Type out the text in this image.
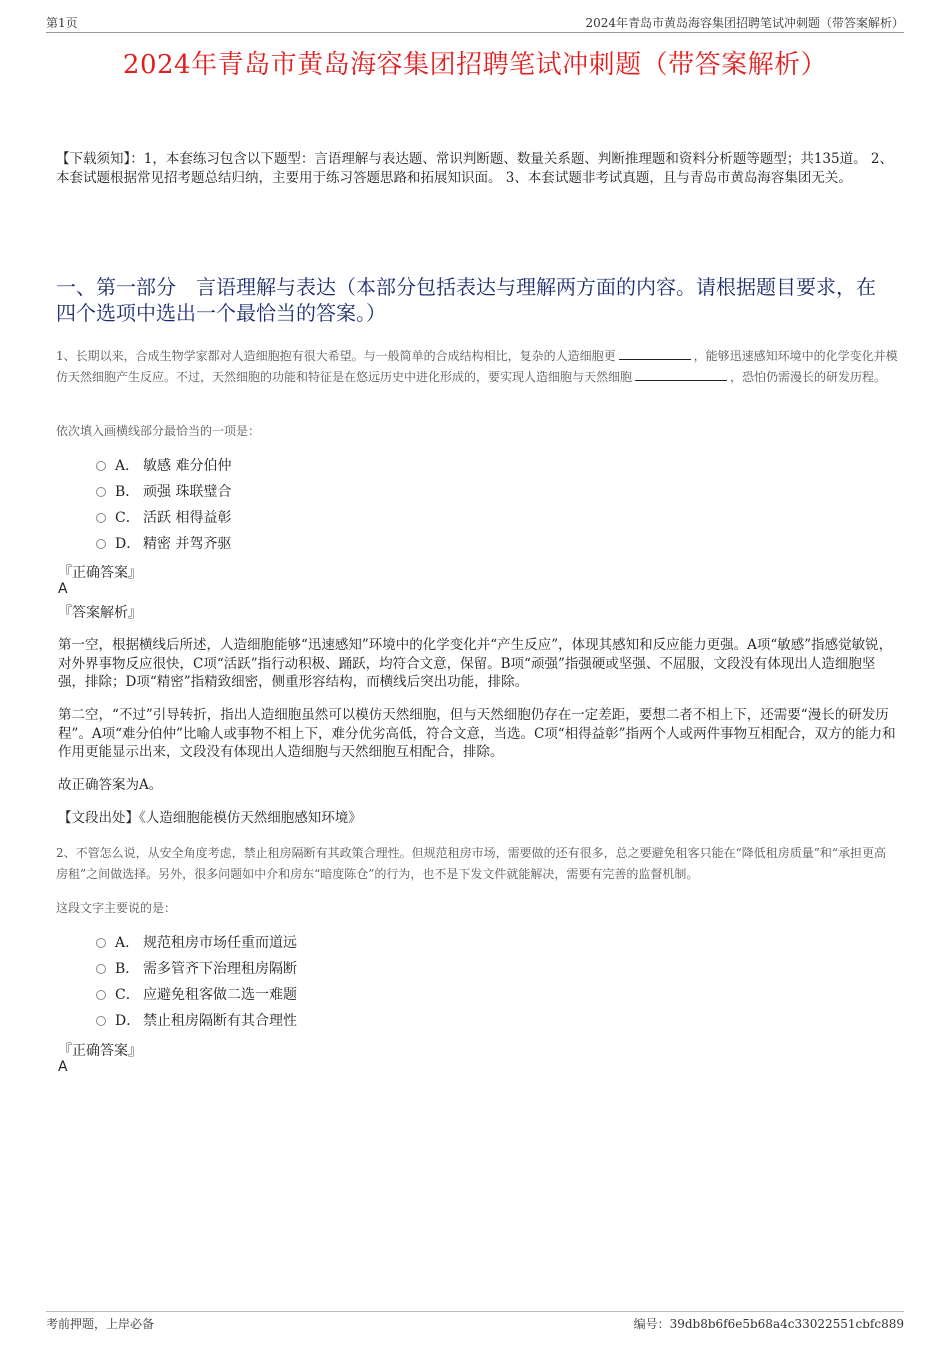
第1页	2024年青岛市黄岛海容集团招聘笔试冲刺题（带答案解析）
2024年青岛市黄岛海容集团招聘笔试冲刺题（带答案解析）
【下载须知】：1，本套练习包含以下题型：言语理解与表达题、常识判断题、数量关系题、判断推理题和资料分析题等题型；共135道。 2、本套试题根据常见招考题总结归纳，主要用于练习答题思路和拓展知识面。 3、本套试题非考试真题，且与青岛市黄岛海容集团无关。
一、第一部分　言语理解与表达（本部分包括表达与理解两方面的内容。请根据题目要求，在四个选项中选出一个最恰当的答案。）
1、长期以来，合成生物学家都对人造细胞抱有很大希望。与一般简单的合成结构相比，复杂的人造细胞更	，能够迅速感知环境中的化学变化并模仿天然细胞产生反应。不过，天然细胞的功能和特征是在悠远历史中进化形成的，要实现人造细胞与天然细胞	，恐怕仍需漫长的研发历程。
依次填入画横线部分最恰当的一项是：
A． 敏感 难分伯仲
B． 顽强 珠联璧合
C． 活跃 相得益彰
D． 精密 并驾齐驱
『正确答案』
A
『答案解析』
第一空，根据横线后所述，人造细胞能够“迅速感知”环境中的化学变化并“产生反应”，体现其感知和反应能力更强。A项“敏感”指感觉敏锐，对外界事物反应很快，C项“活跃”指行动积极、踊跃，均符合文意，保留。B项“顽强”指强硬或坚强、不屈服，文段没有体现出人造细胞坚强，排除；D项“精密”指精致细密，侧重形容结构，而横线后突出功能，排除。
第二空，“不过”引导转折，指出人造细胞虽然可以模仿天然细胞，但与天然细胞仍存在一定差距，要想二者不相上下，还需要“漫长的研发历程”。A项“难分伯仲”比喻人或事物不相上下，难分优劣高低，符合文意，当选。C项“相得益彰”指两个人或两件事物互相配合，双方的能力和作用更能显示出来，文段没有体现出人造细胞与天然细胞互相配合，排除。
故正确答案为A。
【文段出处】《人造细胞能模仿天然细胞感知环境》
2、不管怎么说，从安全角度考虑，禁止租房隔断有其政策合理性。但规范租房市场，需要做的还有很多，总之要避免租客只能在“降低租房质量”和“承担更高房租”之间做选择。另外，很多问题如中介和房东“暗度陈仓”的行为，也不是下发文件就能解决，需要有完善的监督机制。
这段文字主要说的是：
A． 规范租房市场任重而道远
B． 需多管齐下治理租房隔断
C． 应避免租客做二选一难题
D． 禁止租房隔断有其合理性
『正确答案』
A
考前押题，上岸必备	编号：39db8b6f6e5b68a4c33022551cbfc889
